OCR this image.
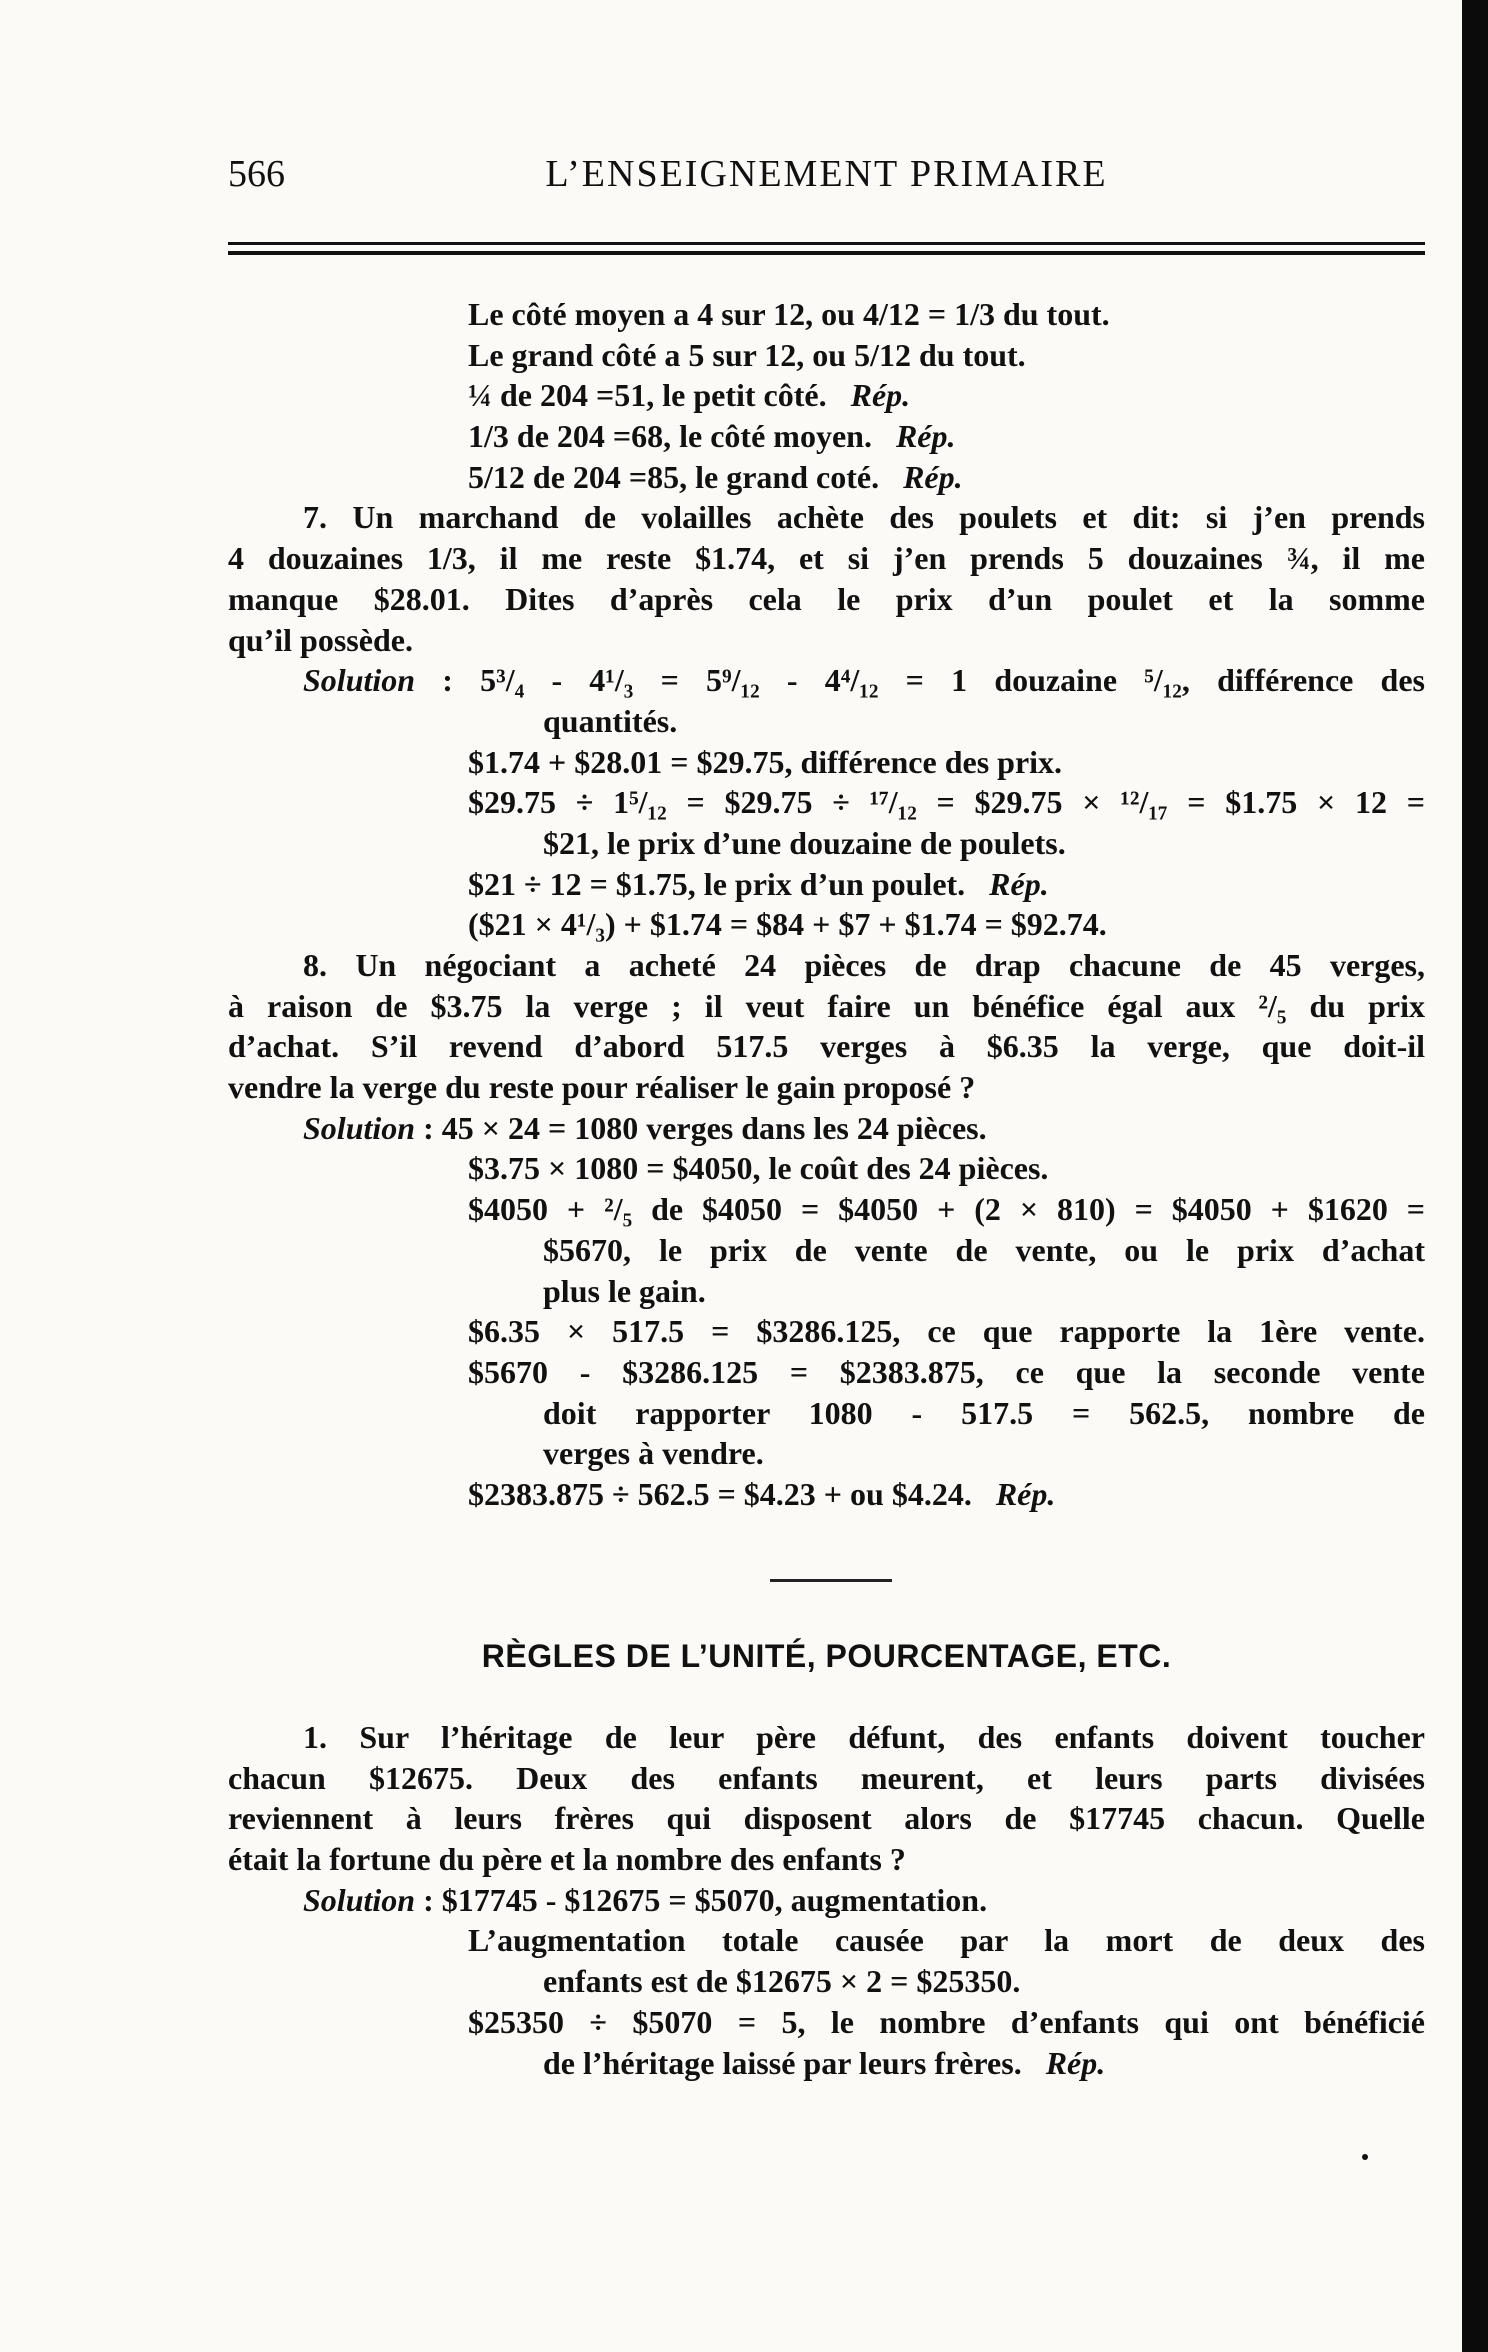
566	L’ENSEIGNEMENT PRIMAIRE
Le côté moyen a 4 sur 12, ou 4/12 = 1/3 du tout.
Le grand côté a 5 sur 12, ou 5/12 du tout.
¼ de 204 =51, le petit côté. Rép.
1/3 de 204 =68, le côté moyen. Rép.
5/12 de 204 =85, le grand coté. Rép.
7. Un marchand de volailles achète des poulets et dit: si j’en prends
4 douzaines 1/3, il me reste $1.74, et si j’en prends 5 douzaines ¾, il me
manque $28.01. Dites d’après cela le prix d’un poulet et la somme
qu’il possède.
Solution : 5³/₄ - 4¹/₃ = 5⁹/₁₂ - 4⁴/₁₂ = 1 douzaine ⁵/₁₂, différence des
quantités.
$1.74 + $28.01 = $29.75, différence des prix.
$29.75 ÷ 1⁵/₁₂ = $29.75 ÷ ¹⁷/₁₂ = $29.75 × ¹²/₁₇ = $1.75 × 12 =
$21, le prix d’une douzaine de poulets.
$21 ÷ 12 = $1.75, le prix d’un poulet. Rép.
($21 × 4¹/₃) + $1.74 = $84 + $7 + $1.74 = $92.74.
8. Un négociant a acheté 24 pièces de drap chacune de 45 verges,
à raison de $3.75 la verge ; il veut faire un bénéfice égal aux ²/₅ du prix
d’achat. S’il revend d’abord 517.5 verges à $6.35 la verge, que doit-il
vendre la verge du reste pour réaliser le gain proposé ?
Solution : 45 × 24 = 1080 verges dans les 24 pièces.
$3.75 × 1080 = $4050, le coût des 24 pièces.
$4050 + ²/₅ de $4050 = $4050 + (2 × 810) = $4050 + $1620 =
$5670, le prix de vente de vente, ou le prix d’achat
plus le gain.
$6.35 × 517.5 = $3286.125, ce que rapporte la 1ère vente.
$5670 - $3286.125 = $2383.875, ce que la seconde vente
doit rapporter 1080 - 517.5 = 562.5, nombre de
verges à vendre.
$2383.875 ÷ 562.5 = $4.23 + ou $4.24. Rép.
RÈGLES DE L’UNITÉ, POURCENTAGE, ETC.
1. Sur l’héritage de leur père défunt, des enfants doivent toucher
chacun $12675. Deux des enfants meurent, et leurs parts divisées
reviennent à leurs frères qui disposent alors de $17745 chacun. Quelle
était la fortune du père et la nombre des enfants ?
Solution : $17745 - $12675 = $5070, augmentation.
L’augmentation totale causée par la mort de deux des
enfants est de $12675 × 2 = $25350.
$25350 ÷ $5070 = 5, le nombre d’enfants qui ont bénéficié
de l’héritage laissé par leurs frères. Rép.
